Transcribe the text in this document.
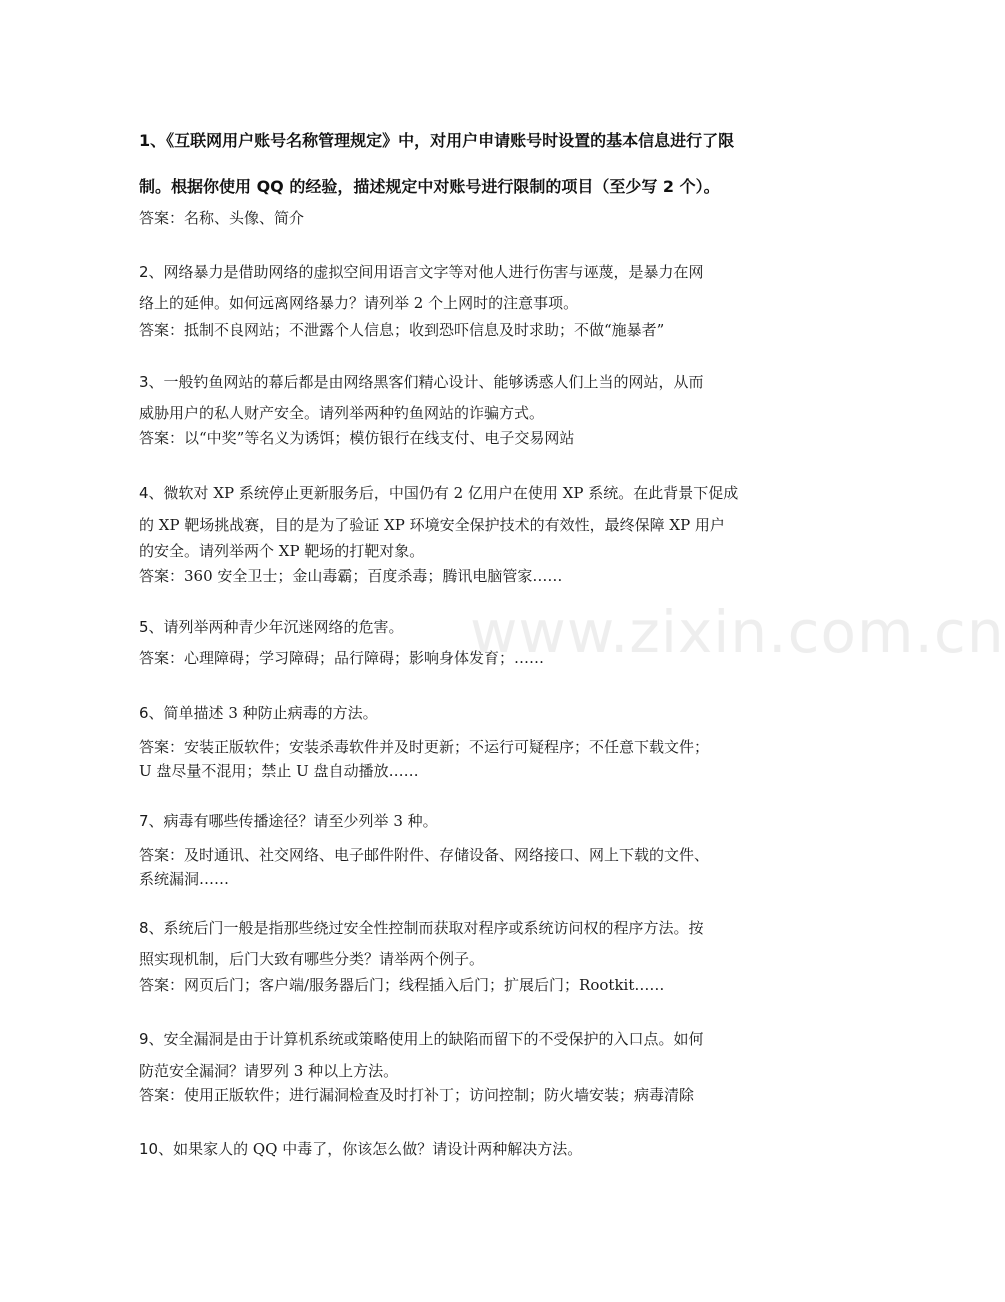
www.zixin.com.cn
1、《互联网用户账号名称管理规定》中，对用户申请账号时设置的基本信息进行了限
制。根据你使用 QQ 的经验，描述规定中对账号进行限制的项目（至少写 2 个）。
答案：名称、头像、简介
2、网络暴力是借助网络的虚拟空间用语言文字等对他人进行伤害与诬蔑，是暴力在网
络上的延伸。如何远离网络暴力？请列举 2 个上网时的注意事项。
答案：抵制不良网站；不泄露个人信息；收到恐吓信息及时求助；不做“施暴者”
3、一般钓鱼网站的幕后都是由网络黑客们精心设计、能够诱惑人们上当的网站，从而
威胁用户的私人财产安全。请列举两种钓鱼网站的诈骗方式。
答案：以“中奖”等名义为诱饵；模仿银行在线支付、电子交易网站
4、微软对 XP 系统停止更新服务后，中国仍有 2 亿用户在使用 XP 系统。在此背景下促成
的 XP 靶场挑战赛，目的是为了验证 XP 环境安全保护技术的有效性，最终保障 XP 用户
的安全。请列举两个 XP 靶场的打靶对象。
答案：360 安全卫士；金山毒霸；百度杀毒；腾讯电脑管家……
5、请列举两种青少年沉迷网络的危害。
答案：心理障碍；学习障碍；品行障碍；影响身体发育；……
6、简单描述 3 种防止病毒的方法。
答案：安装正版软件；安装杀毒软件并及时更新；不运行可疑程序；不任意下载文件；
U 盘尽量不混用；禁止 U 盘自动播放……
7、病毒有哪些传播途径？请至少列举 3 种。
答案：及时通讯、社交网络、电子邮件附件、存储设备、网络接口、网上下载的文件、
系统漏洞……
8、系统后门一般是指那些绕过安全性控制而获取对程序或系统访问权的程序方法。按
照实现机制，后门大致有哪些分类？请举两个例子。
答案：网页后门；客户端/服务器后门；线程插入后门；扩展后门；Rootkit……
9、安全漏洞是由于计算机系统或策略使用上的缺陷而留下的不受保护的入口点。如何
防范安全漏洞？请罗列 3 种以上方法。
答案：使用正版软件；进行漏洞检查及时打补丁；访问控制；防火墙安装；病毒清除
10、如果家人的 QQ 中毒了，你该怎么做？请设计两种解决方法。
